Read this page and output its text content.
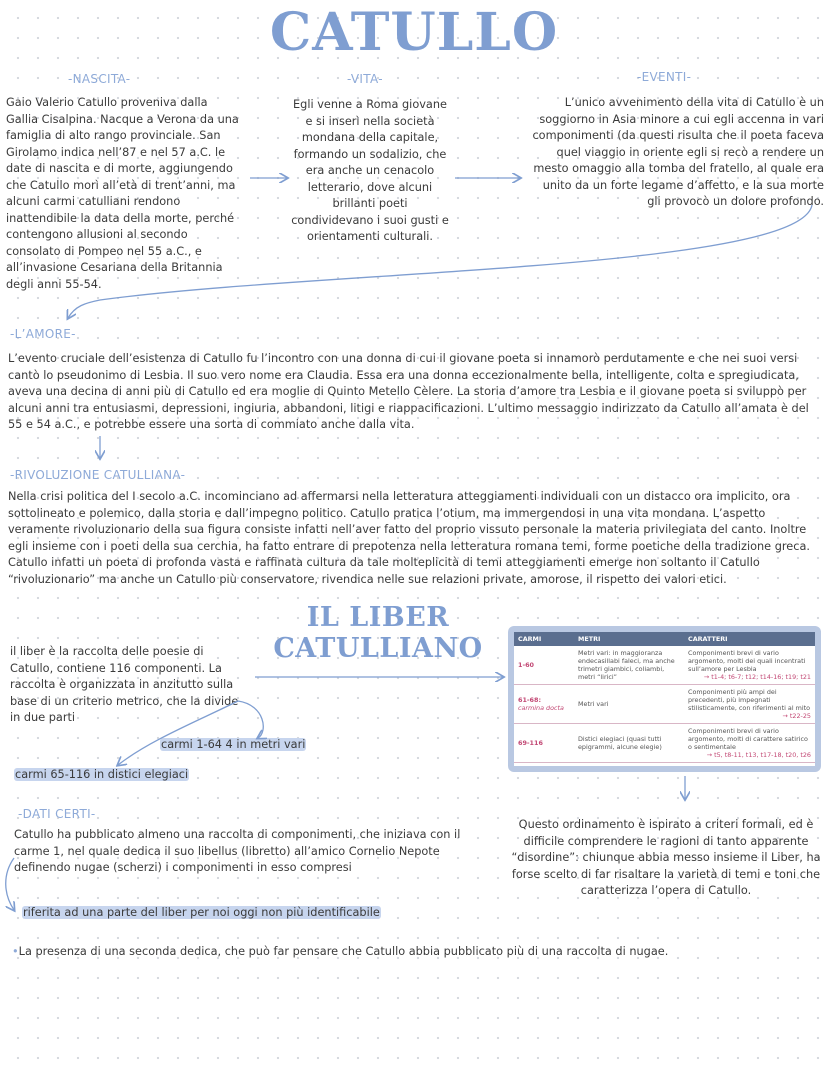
CATULLO
-NASCITA-
Gaio Valerio Catullo proveniva dalla Gallia Cisalpina. Nacque a Verona da una famiglia di alto rango provinciale. San Girolamo indica nell’87 e nel 57 a.C. le date di nascita e di morte, aggiungendo che Catullo morì all’età di trent’anni, ma alcuni carmi catulliani rendono inattendibile la data della morte, perché contengono allusioni al secondo consolato di Pompeo nel 55 a.C., e all’invasione Cesariana della Britannia degli anni 55-54.
-VITA-
Egli venne a Roma giovane e si inserì nella società mondana della capitale, formando un sodalizio, che era anche un cenacolo letterario, dove alcuni brillanti poeti condividevano i suoi gusti e orientamenti culturali.
-EVENTI-
L’unico avvenimento della vita di Catullo è un soggiorno in Asia minore a cui egli accenna in vari componimenti (da questi risulta che il poeta faceva quel viaggio in oriente egli si recò a rendere un mesto omaggio alla tomba del fratello, al quale era unito da un forte legame d’affetto, e la sua morte gli provocò un dolore profondo.
-L’AMORE-
L’evento cruciale dell’esistenza di Catullo fu l’incontro con una donna di cui il giovane poeta si innamorò perdutamente e che nei suoi versi cantò lo pseudonimo di Lesbia. Il suo vero nome era Claudia. Essa era una donna eccezionalmente bella, intelligente, colta e spregiudicata, aveva una decina di anni più di Catullo ed era moglie di Quinto Metello Cèlere. La storia d’amore tra Lesbia e il giovane poeta si sviluppò per alcuni anni tra entusiasmi, depressioni, ingiuria, abbandoni, litigi e riappacificazioni. L’ultimo messaggio indirizzato da Catullo all’amata è del 55 e 54 a.C., e potrebbe essere una sorta di commiato anche dalla vita.
-RIVOLUZIONE CATULLIANA-
Nella crisi politica del I secolo a.C. incominciano ad affermarsi nella letteratura atteggiamenti individuali con un distacco ora implicito, ora sottolineato e polemico, dalla storia e dall’impegno politico. Catullo pratica l’otium, ma immergendosi in una vita mondana. L’aspetto veramente rivoluzionario della sua figura consiste infatti nell’aver fatto del proprio vissuto personale la materia privilegiata del canto. Inoltre egli insieme con i poeti della sua cerchia, ha fatto entrare di prepotenza nella letteratura romana temi, forme poetiche della tradizione greca. Catullo infatti un poeta di profonda vasta e raffinata cultura da tale molteplicità di temi atteggiamenti emerge non soltanto il Catullo “rivoluzionario” ma anche un Catullo più conservatore, rivendica nelle sue relazioni private, amorose, il rispetto dei valori etici.
IL LIBER CATULLIANO
il liber è la raccolta delle poesie di Catullo, contiene 116 componenti. La raccolta è organizzata in anzitutto sulla base di un criterio metrico, che la divide in due parti
carmi 1-64 4 in metri vari
carmi 65-116 in distici elegiaci
CARMI	METRI	CARATTERI
1-60	Metri vari: in maggioranza endecasillabi faleci, ma anche trimetri giambici, coliambi, metri “lirici”	Componimenti brevi di vario argomento, molti dei quali incentrati sull’amore per Lesbia
→ t1-4; t6-7; t12; t14-16; t19; t21

61-68:
carmina docta	Metri vari	Componimenti più ampi dei precedenti, più impegnati stilisticamente, con riferimenti al mito
→ t22-25

69-116	Distici elegiaci (quasi tutti epigrammi, alcune elegie)	Componimenti brevi di vario argomento, molti di carattere satirico o sentimentale
→ t5, t8-11, t13, t17-18, t20, t26
Questo ordinamento è ispirato a criteri formali, ed è difficile comprendere le ragioni di tanto apparente “disordine”: chiunque abbia messo insieme il Liber, ha forse scelto di far risaltare la varietà di temi e toni che caratterizza l’opera di Catullo.
-DATI CERTI-
Catullo ha pubblicato almeno una raccolta di componimenti, che iniziava con il carme 1, nel quale dedica il suo libellus (libretto) all’amico Cornelio Nepote definendo nugae (scherzi) i componimenti in esso compresi
riferita ad una parte del liber per noi oggi non più identificabile
•La presenza di una seconda dedica, che può far pensare che Catullo abbia pubblicato più di una raccolta di nugae.
